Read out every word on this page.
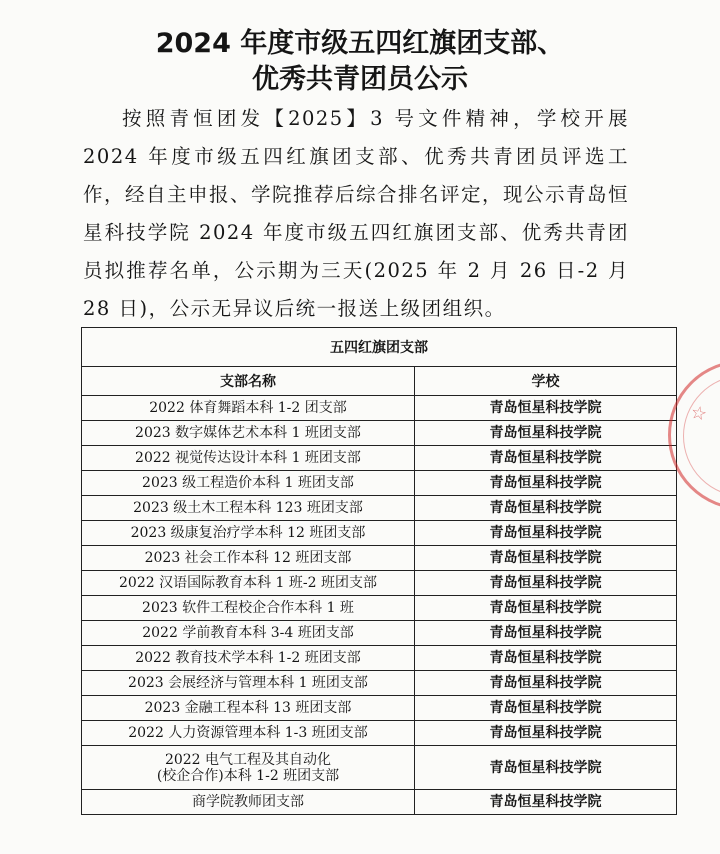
2024 年度市级五四红旗团支部、
优秀共青团员公示

按照青恒团发【2025】3 号文件精神，学校开展 2024 年度市级五四红旗团支部、优秀共青团员评选工作，经自主申报、学院推荐后综合排名评定，现公示青岛恒星科技学院 2024 年度市级五四红旗团支部、优秀共青团员拟推荐名单，公示期为三天(2025 年 2 月 26 日-2 月 28 日)，公示无异议后统一报送上级团组织。

五四红旗团支部	
支部名称	学校
2022 体育舞蹈本科 1-2 团支部	青岛恒星科技学院
2023 数字媒体艺术本科 1 班团支部	青岛恒星科技学院
2022 视觉传达设计本科 1 班团支部	青岛恒星科技学院
2023 级工程造价本科 1 班团支部	青岛恒星科技学院
2023 级土木工程本科 123 班团支部	青岛恒星科技学院
2023 级康复治疗学本科 12 班团支部	青岛恒星科技学院
2023 社会工作本科 12 班团支部	青岛恒星科技学院
2022 汉语国际教育本科 1 班-2 班团支部	青岛恒星科技学院
2023 软件工程校企合作本科 1 班	青岛恒星科技学院
2022 学前教育本科 3-4 班团支部	青岛恒星科技学院
2022 教育技术学本科 1-2 班团支部	青岛恒星科技学院
2023 会展经济与管理本科 1 班团支部	青岛恒星科技学院
2023 金融工程本科 13 班团支部	青岛恒星科技学院
2022 人力资源管理本科 1-3 班团支部	青岛恒星科技学院
2022 电气工程及其自动化
(校企合作)本科 1-2 班团支部	青岛恒星科技学院
商学院教师团支部	青岛恒星科技学院
☆
